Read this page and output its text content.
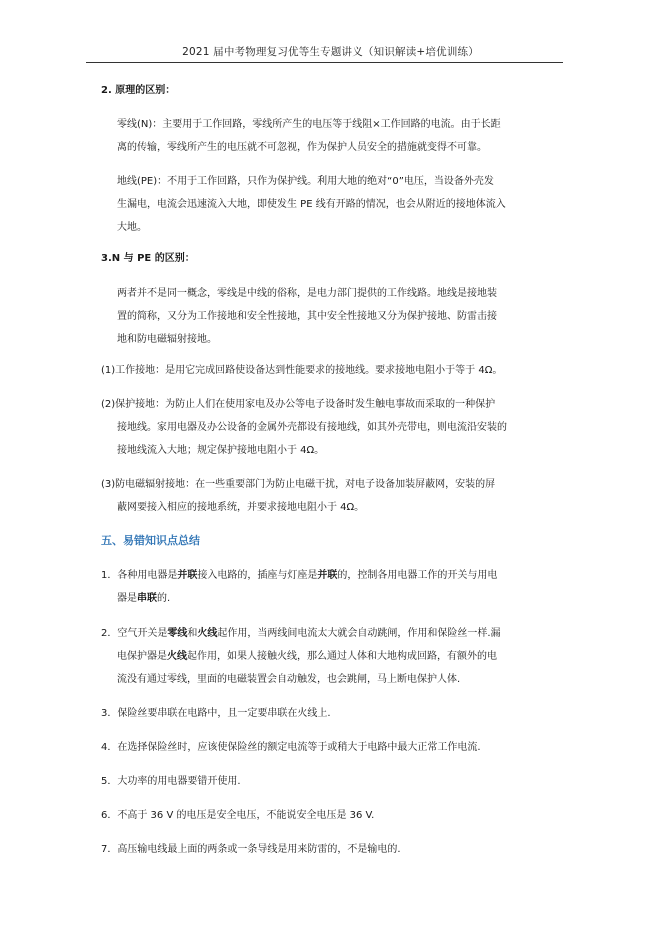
2021 届中考物理复习优等生专题讲义（知识解读+培优训练）
2. 原理的区别：
零线(N)：主要用于工作回路，零线所产生的电压等于线阻×工作回路的电流。由于长距
离的传输，零线所产生的电压就不可忽视，作为保护人员安全的措施就变得不可靠。
地线(PE)：不用于工作回路，只作为保护线。利用大地的绝对“0”电压，当设备外壳发
生漏电，电流会迅速流入大地，即使发生 PE 线有开路的情况，也会从附近的接地体流入
大地。
3.N 与 PE 的区别：
两者并不是同一概念，零线是中线的俗称，是电力部门提供的工作线路。地线是接地装
置的简称，又分为工作接地和安全性接地，其中安全性接地又分为保护接地、防雷击接
地和防电磁辐射接地。
(1)工作接地：是用它完成回路使设备达到性能要求的接地线。要求接地电阻小于等于 4Ω。
(2)保护接地：为防止人们在使用家电及办公等电子设备时发生触电事故而采取的一种保护
接地线。家用电器及办公设备的金属外壳都设有接地线，如其外壳带电，则电流沿安装的
接地线流入大地；规定保护接地电阻小于 4Ω。
(3)防电磁辐射接地：在一些重要部门为防止电磁干扰，对电子设备加装屏蔽网，安装的屏
蔽网要接入相应的接地系统，并要求接地电阻小于 4Ω。
五、易错知识点总结
1．各种用电器是并联接入电路的，插座与灯座是并联的，控制各用电器工作的开关与用电
器是串联的.
2．空气开关是零线和火线起作用，当两线间电流太大就会自动跳闸，作用和保险丝一样.漏
电保护器是火线起作用，如果人接触火线，那么通过人体和大地构成回路，有额外的电
流没有通过零线，里面的电磁装置会自动触发，也会跳闸，马上断电保护人体.
3．保险丝要串联在电路中，且一定要串联在火线上.
4．在选择保险丝时，应该使保险丝的额定电流等于或稍大于电路中最大正常工作电流.
5．大功率的用电器要错开使用.
6．不高于 36 V 的电压是安全电压，不能说安全电压是 36 V.
7．高压输电线最上面的两条或一条导线是用来防雷的，不是输电的.
